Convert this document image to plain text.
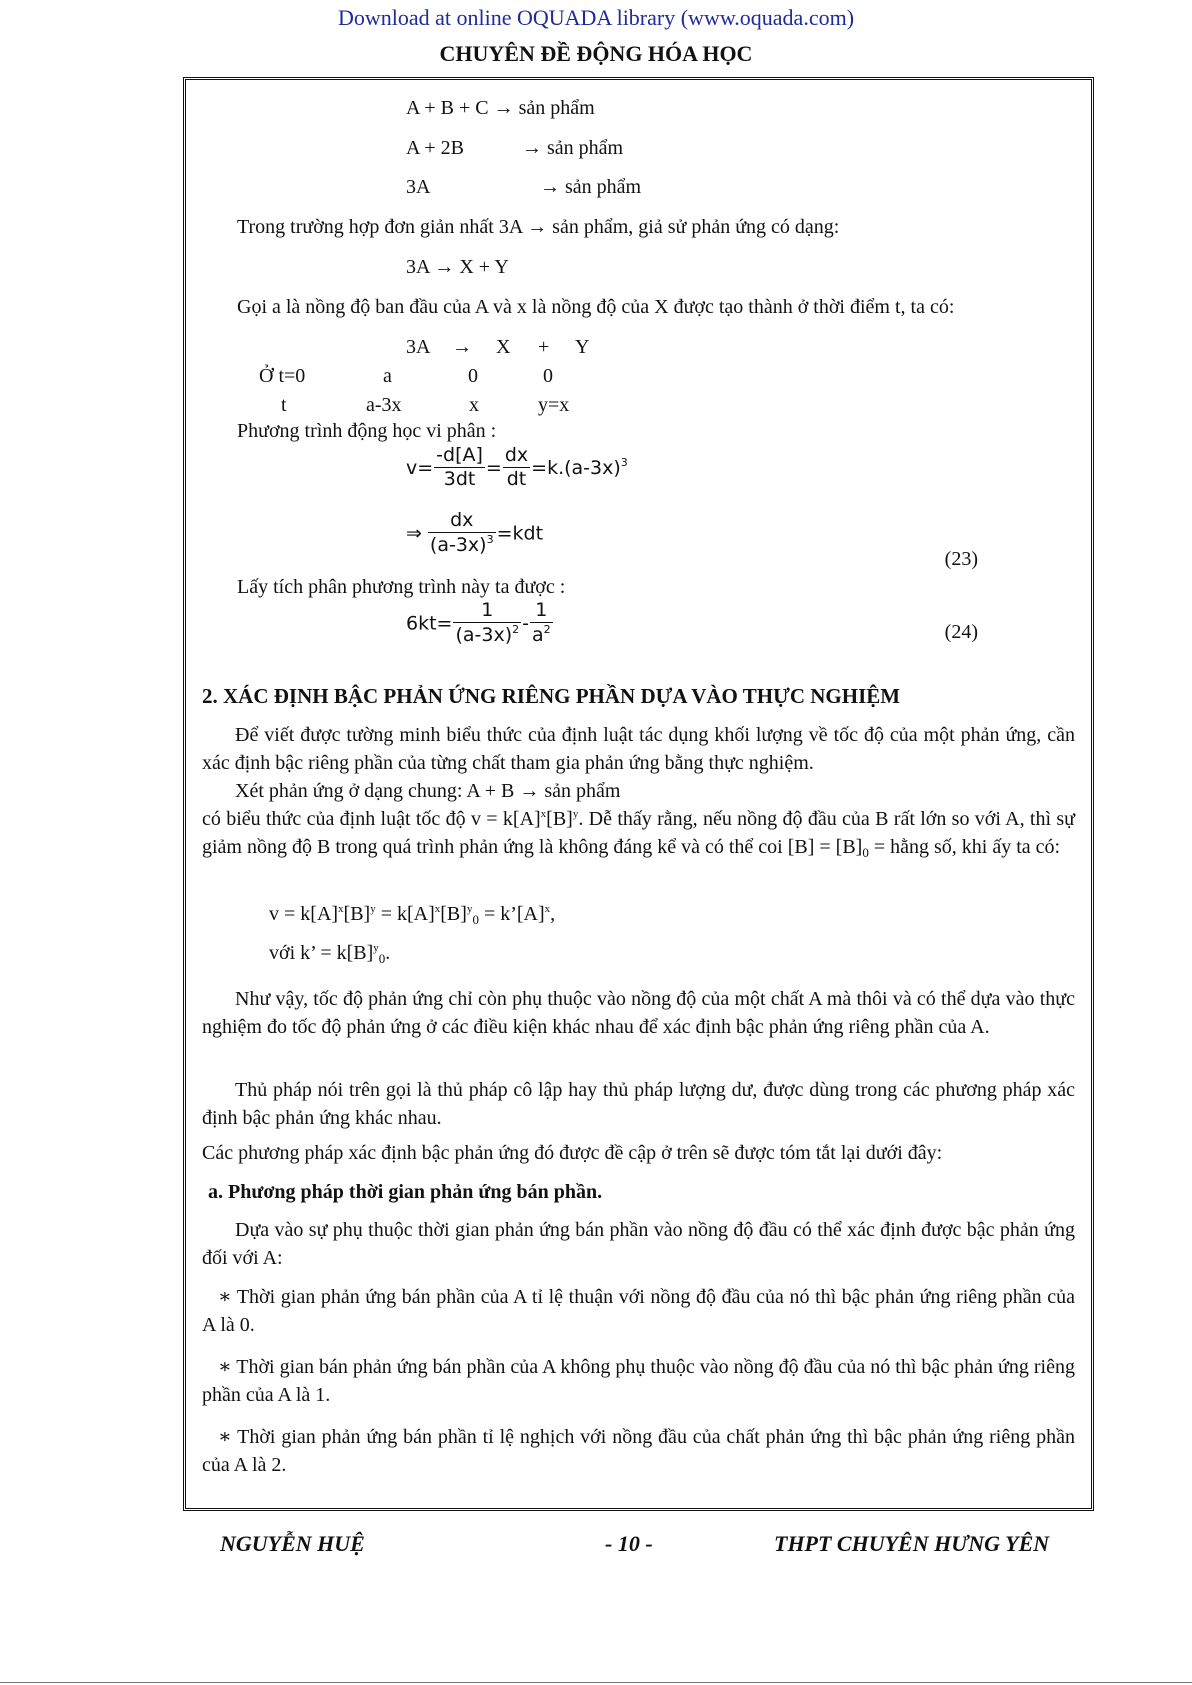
Download at online OQUADA library (www.oquada.com)
CHUYÊN ĐỀ ĐỘNG HÓA HỌC
A + B + C → sản phẩm
A + 2B	→ sản phẩm
3A	→ sản phẩm
Trong trường hợp đơn giản nhất 3A → sản phẩm, giả sử phản ứng có dạng:
3A → X + Y
Gọi a là nồng độ ban đầu của A và x là nồng độ của X được tạo thành ở thời điểm t, ta có:
3A → X + Y
Ở t=0	a	0	0
t	a-3x	x	y=x
Phương trình động học vi phân :
$v= \frac{-d[A]}{3dt} = \frac{dx}{dt} =k.(a-3x)^3$
⇒ $\frac{dx}{(a-3x)^3} =kdt$
(23)
Lấy tích phân phương trình này ta được :
$6kt= \frac{1}{(a-3x)^2} - \frac{1}{a^2}$	(24)
2. XÁC ĐỊNH BẬC PHẢN ỨNG RIÊNG PHẦN DỰA VÀO THỰC NGHIỆM
Để viết được tường minh biểu thức của định luật tác dụng khối lượng về tốc độ của một phản ứng, cần xác định bậc riêng phần của từng chất tham gia phản ứng bằng thực nghiệm.
Xét phản ứng ở dạng chung: A + B → sản phẩm
có biểu thức của định luật tốc độ $v = k[A]^x[B]^y$. Dễ thấy rằng, nếu nồng độ đầu của B rất lớn so với A, thì sự giảm nồng độ B trong quá trình phản ứng là không đáng kể và có thể coi $[B] = [B]_0$ = hằng số, khi ấy ta có:
$v = k[A]^x[B]^y = k[A]^x[B]^y_0$ = $k’[A]^x$,
với k’ = $k[B]^y_0$.
Như vậy, tốc độ phản ứng chỉ còn phụ thuộc vào nồng độ của một chất A mà thôi và có thể dựa vào thực nghiệm đo tốc độ phản ứng ở các điều kiện khác nhau để xác định bậc phản ứng riêng phần của A.
Thủ pháp nói trên gọi là thủ pháp cô lập hay thủ pháp lượng dư, được dùng trong các phương pháp xác định bậc phản ứng khác nhau.
Các phương pháp xác định bậc phản ứng đó được đề cập ở trên sẽ được tóm tắt lại dưới đây:
a. Phương pháp thời gian phản ứng bán phần.
Dựa vào sự phụ thuộc thời gian phản ứng bán phần vào nồng độ đầu có thể xác định được bậc phản ứng đối với A:
∗ Thời gian phản ứng bán phần của A tỉ lệ thuận với nồng độ đầu của nó thì bậc phản ứng riêng phần của A là 0.
∗ Thời gian bán phản ứng bán phần của A không phụ thuộc vào nồng độ đầu của nó thì bậc phản ứng riêng phần của A là 1.
∗ Thời gian phản ứng bán phần tỉ lệ nghịch với nồng đầu của chất phản ứng thì bậc phản ứng riêng phần của A là 2.
NGUYỄN HUỆ	- 10 -	THPT CHUYÊN HƯNG YÊN
